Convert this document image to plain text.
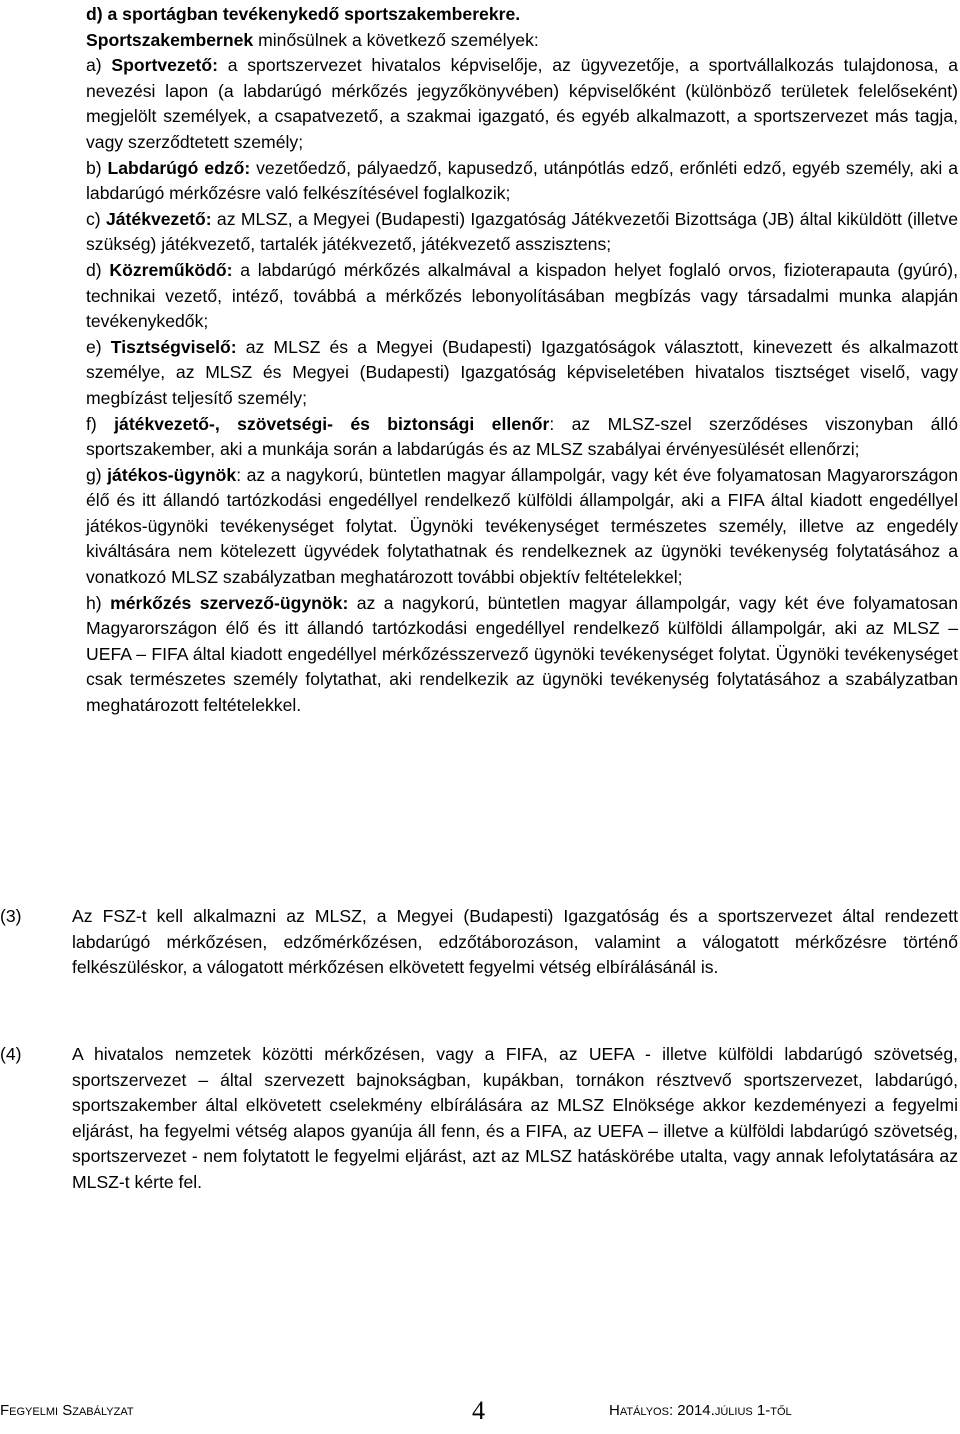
d) a sportágban tevékenykedő sportszakemberekre.
Sportszakembernek minősülnek a következő személyek:
a) Sportvezető: a sportszervezet hivatalos képviselője, az ügyvezetője, a sportvállalkozás tulajdonosa, a nevezési lapon (a labdarúgó mérkőzés jegyzőkönyvében) képviselőként (különböző területek felelőseként) megjelölt személyek, a csapatvezető, a szakmai igazgató, és egyéb alkalmazott, a sportszervezet más tagja, vagy szerződtetett személy;
b) Labdarúgó edző: vezetőedző, pályaedző, kapusedző, utánpótlás edző, erőnléti edző, egyéb személy, aki a labdarúgó mérkőzésre való felkészítésével foglalkozik;
c) Játékvezető: az MLSZ, a Megyei (Budapesti) Igazgatóság Játékvezetői Bizottsága (JB) által kiküldött (illetve szükség) játékvezető, tartalék játékvezető, játékvezető asszisztens;
d) Közreműködő: a labdarúgó mérkőzés alkalmával a kispadon helyet foglaló orvos, fizioterapauta (gyúró), technikai vezető, intéző, továbbá a mérkőzés lebonyolításában megbízás vagy társadalmi munka alapján tevékenykedők;
e) Tisztségviselő: az MLSZ és a Megyei (Budapesti) Igazgatóságok választott, kinevezett és alkalmazott személye, az MLSZ és Megyei (Budapesti) Igazgatóság képviseletében hivatalos tisztséget viselő, vagy megbízást teljesítő személy;
f) játékvezető-, szövetségi- és biztonsági ellenőr: az MLSZ-szel szerződéses viszonyban álló sportszakember, aki a munkája során a labdarúgás és az MLSZ szabályai érvényesülését ellenőrzi;
g) játékos-ügynök: az a nagykorú, büntetlen magyar állampolgár, vagy két éve folyamatosan Magyarországon élő és itt állandó tartózkodási engedéllyel rendelkező külföldi állampolgár, aki a FIFA által kiadott engedéllyel játékos-ügynöki tevékenységet folytat. Ügynöki tevékenységet természetes személy, illetve az engedély kiváltására nem kötelezett ügyvédek folytathatnak és rendelkeznek az ügynöki tevékenység folytatásához a vonatkozó MLSZ szabályzatban meghatározott további objektív feltételekkel;
h) mérkőzés szervező-ügynök: az a nagykorú, büntetlen magyar állampolgár, vagy két éve folyamatosan Magyarországon élő és itt állandó tartózkodási engedéllyel rendelkező külföldi állampolgár, aki az MLSZ – UEFA – FIFA által kiadott engedéllyel mérkőzésszervező ügynöki tevékenységet folytat. Ügynöki tevékenységet csak természetes személy folytathat, aki rendelkezik az ügynöki tevékenység folytatásához a szabályzatban meghatározott feltételekkel.
(3)	Az FSZ-t kell alkalmazni az MLSZ, a Megyei (Budapesti) Igazgatóság és a sportszervezet által rendezett labdarúgó mérkőzésen, edzőmérkőzésen, edzőtáborozáson, valamint a válogatott mérkőzésre történő felkészüléskor, a válogatott mérkőzésen elkövetett fegyelmi vétség elbírálásánál is.
(4)	A hivatalos nemzetek közötti mérkőzésen, vagy a FIFA, az UEFA - illetve külföldi labdarúgó szövetség, sportszervezet – által szervezett bajnokságban, kupákban, tornákon résztvevő sportszervezet, labdarúgó, sportszakember által elkövetett cselekmény elbírálására az MLSZ Elnöksége akkor kezdeményezi a fegyelmi eljárást, ha fegyelmi vétség alapos gyanúja áll fenn, és a FIFA, az UEFA – illetve a külföldi labdarúgó szövetség, sportszervezet - nem folytatott le fegyelmi eljárást, azt az MLSZ hatáskörébe utalta, vagy annak lefolytatására az MLSZ-t kérte fel.
Fegyelmi Szabályzat	4	Hatályos: 2014.július 1-től
